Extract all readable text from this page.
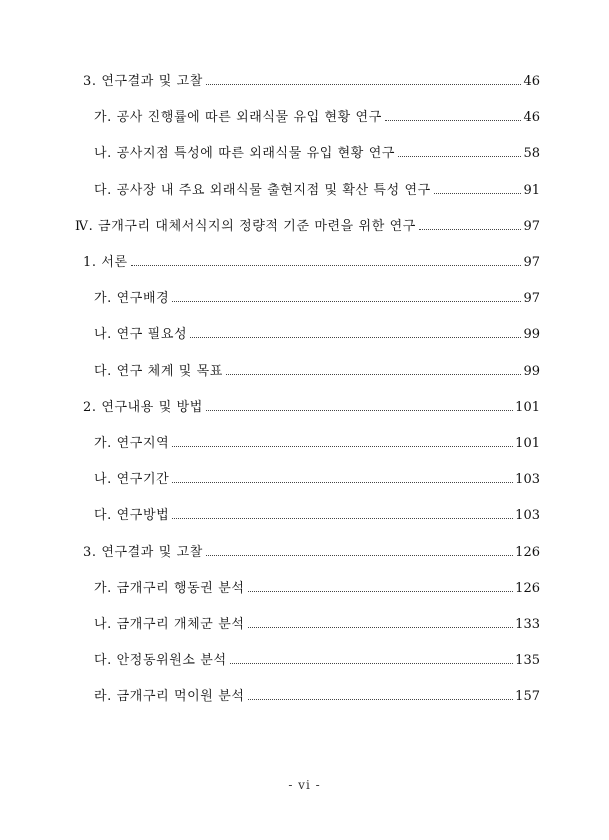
3. 연구결과 및 고찰	46
가. 공사 진행률에 따른 외래식물 유입 현황 연구	46
나. 공사지점 특성에 따른 외래식물 유입 현황 연구	58
다. 공사장 내 주요 외래식물 출현지점 및 확산 특성 연구	91
Ⅳ. 금개구리 대체서식지의 정량적 기준 마련을 위한 연구	97
1. 서론	97
가. 연구배경	97
나. 연구 필요성	99
다. 연구 체계 및 목표	99
2. 연구내용 및 방법	101
가. 연구지역	101
나. 연구기간	103
다. 연구방법	103
3. 연구결과 및 고찰	126
가. 금개구리 행동권 분석	126
나. 금개구리 개체군 분석	133
다. 안정동위원소 분석	135
라. 금개구리 먹이원 분석	157
- vi -
